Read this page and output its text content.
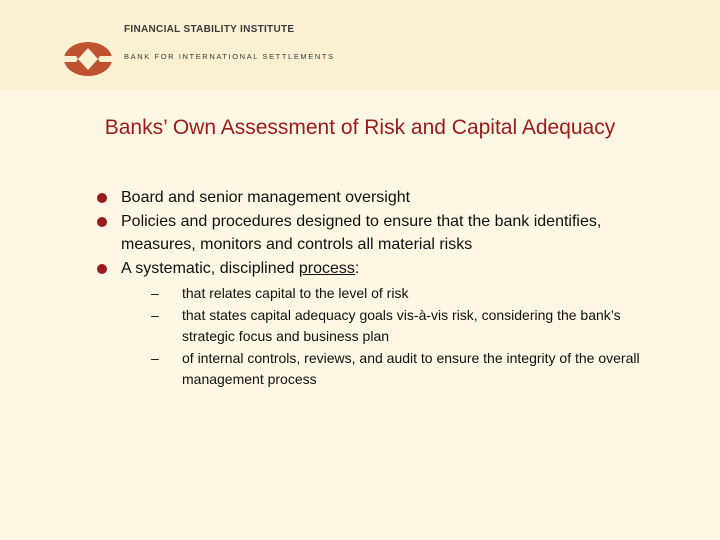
FINANCIAL STABILITY INSTITUTE
BANK FOR INTERNATIONAL SETTLEMENTS
Banks’ Own Assessment of Risk and Capital Adequacy
Board and senior management oversight
Policies and procedures designed to ensure that the bank identifies, measures, monitors and controls all material risks
A systematic, disciplined process:
– that relates capital to the level of risk
– that states capital adequacy goals vis-à-vis risk, considering the bank’s strategic focus and business plan
– of internal controls, reviews, and audit to ensure the integrity of the overall management process
